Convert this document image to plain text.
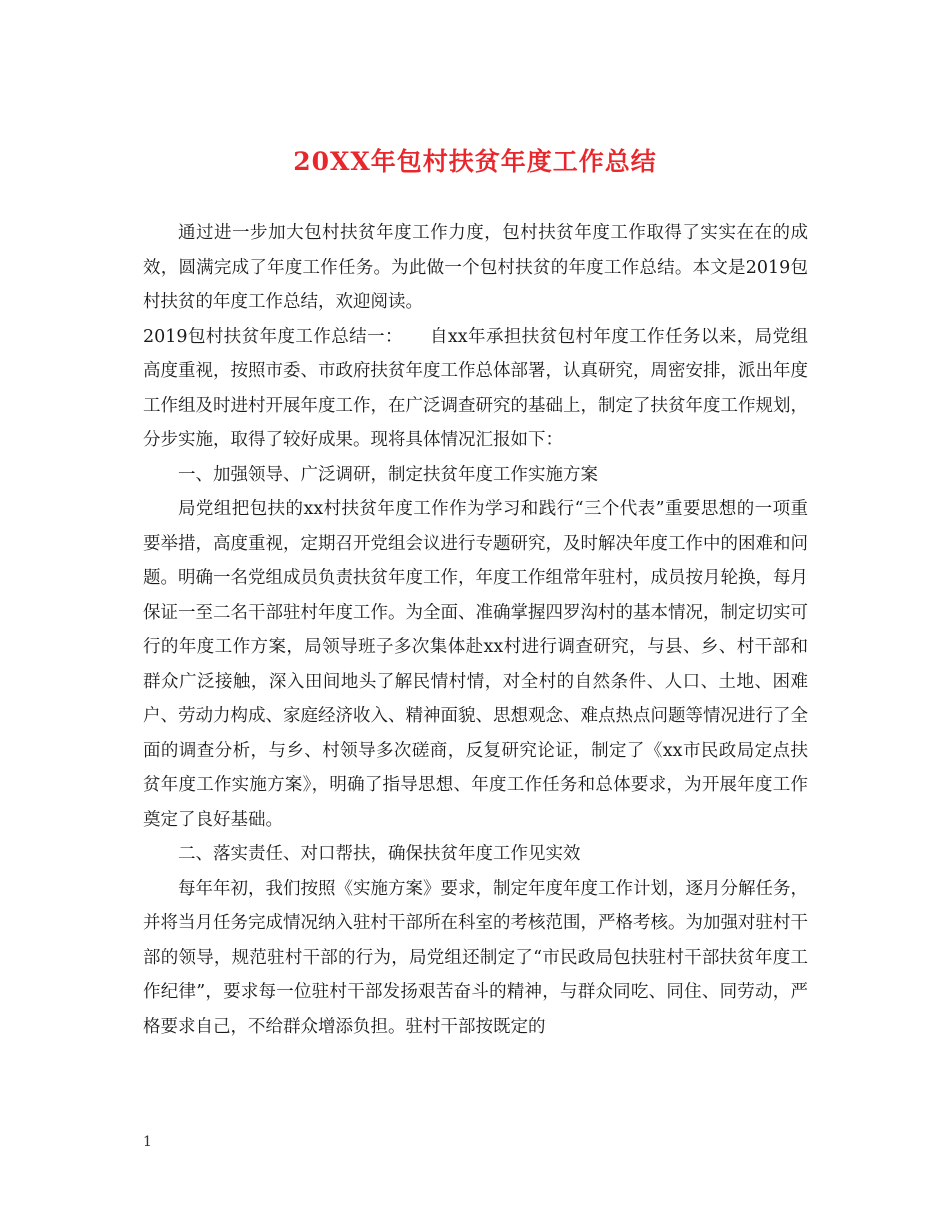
20XX年包村扶贫年度工作总结

通过进一步加大包村扶贫年度工作力度，包村扶贫年度工作取得了实实在在的成效，圆满完成了年度工作任务。为此做一个包村扶贫的年度工作总结。本文是2019包村扶贫的年度工作总结，欢迎阅读。

2019包村扶贫年度工作总结一：　　自xx年承担扶贫包村年度工作任务以来，局党组高度重视，按照市委、市政府扶贫年度工作总体部署，认真研究，周密安排，派出年度工作组及时进村开展年度工作，在广泛调查研究的基础上，制定了扶贫年度工作规划，分步实施，取得了较好成果。现将具体情况汇报如下：

一、加强领导、广泛调研，制定扶贫年度工作实施方案

局党组把包扶的xx村扶贫年度工作作为学习和践行“三个代表”重要思想的一项重要举措，高度重视，定期召开党组会议进行专题研究，及时解决年度工作中的困难和问题。明确一名党组成员负责扶贫年度工作，年度工作组常年驻村，成员按月轮换，每月保证一至二名干部驻村年度工作。为全面、准确掌握四罗沟村的基本情况，制定切实可行的年度工作方案，局领导班子多次集体赴xx村进行调查研究，与县、乡、村干部和群众广泛接触，深入田间地头了解民情村情，对全村的自然条件、人口、土地、困难户、劳动力构成、家庭经济收入、精神面貌、思想观念、难点热点问题等情况进行了全面的调查分析，与乡、村领导多次磋商，反复研究论证，制定了《xx市民政局定点扶贫年度工作实施方案》，明确了指导思想、年度工作任务和总体要求，为开展年度工作奠定了良好基础。

二、落实责任、对口帮扶，确保扶贫年度工作见实效

每年年初，我们按照《实施方案》要求，制定年度年度工作计划，逐月分解任务，并将当月任务完成情况纳入驻村干部所在科室的考核范围，严格考核。为加强对驻村干部的领导，规范驻村干部的行为，局党组还制定了“市民政局包扶驻村干部扶贫年度工作纪律”，要求每一位驻村干部发扬艰苦奋斗的精神，与群众同吃、同住、同劳动，严格要求自己，不给群众增添负担。驻村干部按既定的

1
